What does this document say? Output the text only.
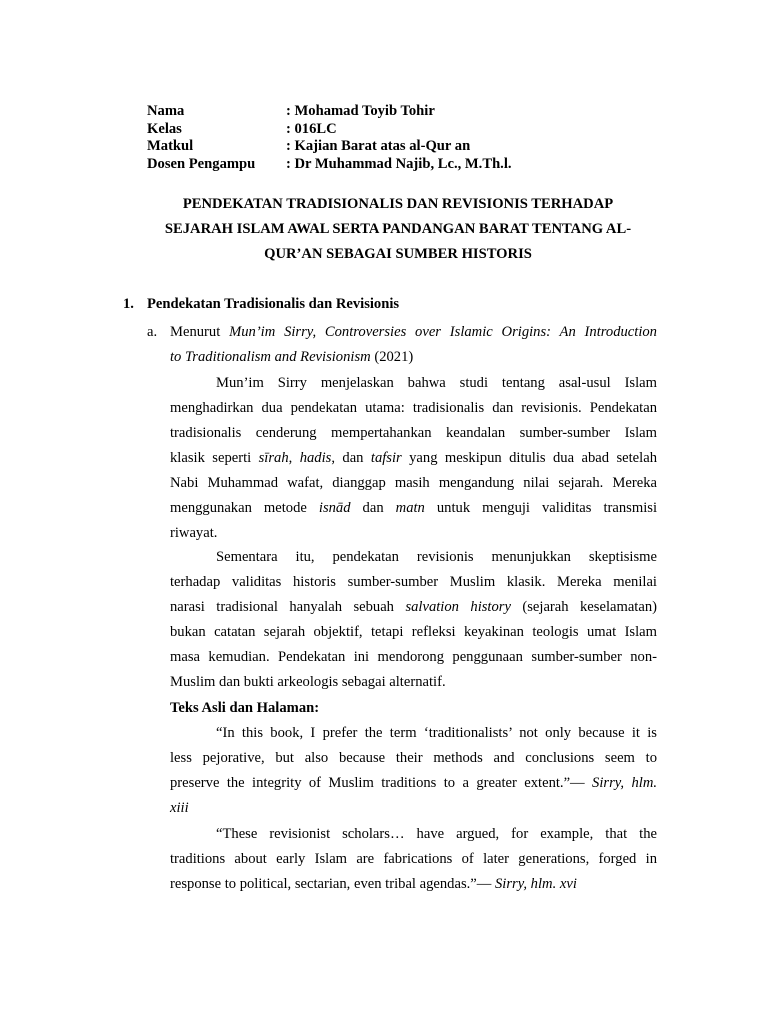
Nama	: Mohamad Toyib Tohir
Kelas	: 016LC
Matkul	: Kajian Barat atas al-Qur an
Dosen Pengampu	: Dr Muhammad Najib, Lc., M.Th.l.
PENDEKATAN TRADISIONALIS DAN REVISIONIS TERHADAP
SEJARAH ISLAM AWAL SERTA PANDANGAN BARAT TENTANG AL-
QUR’AN SEBAGAI SUMBER HISTORIS
1. Pendekatan Tradisionalis dan Revisionis
a. Menurut Mun’im Sirry, Controversies over Islamic Origins: An Introduction
to Traditionalism and Revisionism (2021)
Mun’im Sirry menjelaskan bahwa studi tentang asal-usul Islam
menghadirkan dua pendekatan utama: tradisionalis dan revisionis. Pendekatan
tradisionalis cenderung mempertahankan keandalan sumber-sumber Islam
klasik seperti sīrah, hadis, dan tafsir yang meskipun ditulis dua abad setelah
Nabi Muhammad wafat, dianggap masih mengandung nilai sejarah. Mereka
menggunakan metode isnād dan matn untuk menguji validitas transmisi
riwayat.
Sementara itu, pendekatan revisionis menunjukkan skeptisisme
terhadap validitas historis sumber-sumber Muslim klasik. Mereka menilai
narasi tradisional hanyalah sebuah salvation history (sejarah keselamatan)
bukan catatan sejarah objektif, tetapi refleksi keyakinan teologis umat Islam
masa kemudian. Pendekatan ini mendorong penggunaan sumber-sumber non-
Muslim dan bukti arkeologis sebagai alternatif.
Teks Asli dan Halaman:
“In this book, I prefer the term ‘traditionalists’ not only because it is
less pejorative, but also because their methods and conclusions seem to
preserve the integrity of Muslim traditions to a greater extent.”— Sirry, hlm.
xiii
“These revisionist scholars… have argued, for example, that the
traditions about early Islam are fabrications of later generations, forged in
response to political, sectarian, even tribal agendas.”— Sirry, hlm. xvi
